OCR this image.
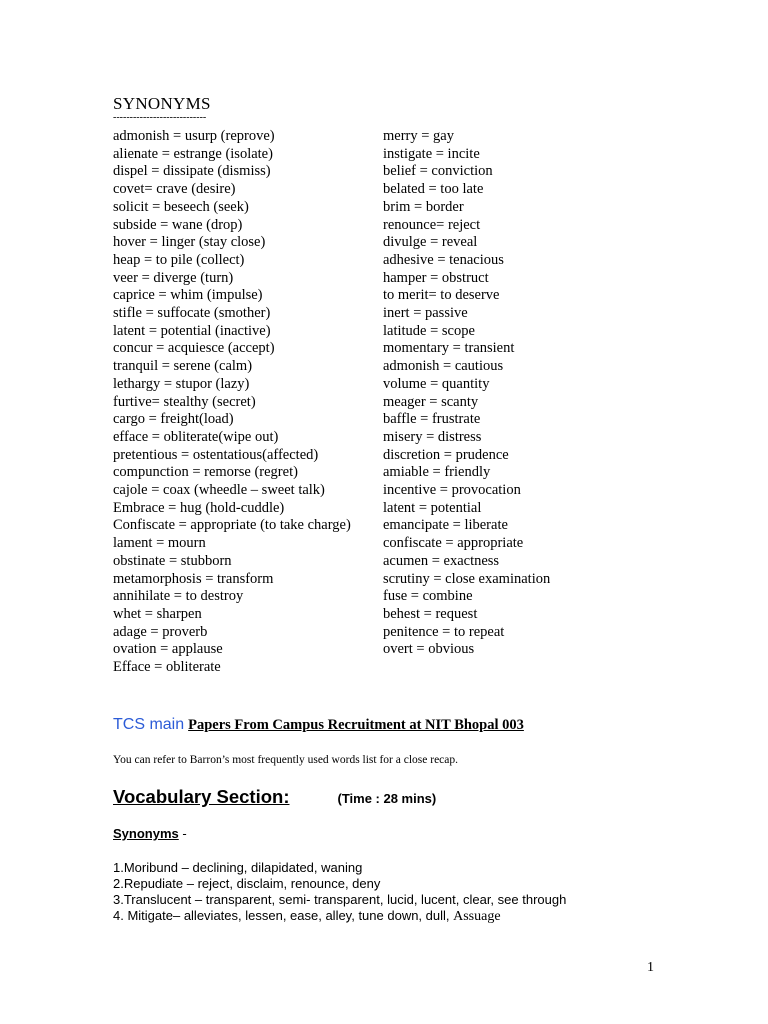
SYNONYMS
----------------------------
admonish = usurp (reprove)
alienate = estrange (isolate)
dispel = dissipate (dismiss)
covet= crave (desire)
solicit = beseech (seek)
subside = wane (drop)
hover = linger (stay close)
heap = to pile (collect)
veer = diverge (turn)
caprice = whim (impulse)
stifle = suffocate (smother)
latent = potential (inactive)
concur = acquiesce (accept)
tranquil = serene (calm)
lethargy = stupor (lazy)
furtive= stealthy (secret)
cargo = freight(load)
efface = obliterate(wipe out)
pretentious = ostentatious(affected)
compunction = remorse (regret)
cajole = coax (wheedle – sweet talk)
Embrace = hug (hold-cuddle)
Confiscate = appropriate (to take charge)
lament = mourn
obstinate = stubborn
metamorphosis = transform
annihilate = to destroy
whet = sharpen
adage = proverb
ovation = applause
Efface = obliterate
merry = gay
instigate = incite
belief = conviction
belated = too late
brim = border
renounce= reject
divulge = reveal
adhesive = tenacious
hamper = obstruct
to merit= to deserve
inert = passive
latitude = scope
momentary = transient
admonish = cautious
volume = quantity
meager = scanty
baffle = frustrate
misery = distress
discretion = prudence
amiable = friendly
incentive = provocation
latent = potential
emancipate = liberate
confiscate = appropriate
acumen = exactness
scrutiny = close examination
fuse = combine
behest = request
penitence = to repeat
overt = obvious
TCS main Papers From Campus Recruitment at NIT Bhopal 003
You can refer to Barron’s most frequently used words list for a close recap.
Vocabulary Section:	(Time : 28 mins)
Synonyms -
1.Moribund – declining, dilapidated, waning
2.Repudiate – reject, disclaim, renounce, deny
3.Translucent – transparent, semi- transparent, lucid, lucent, clear, see through
4. Mitigate– alleviates, lessen, ease, alley, tune down, dull, Assuage
1
